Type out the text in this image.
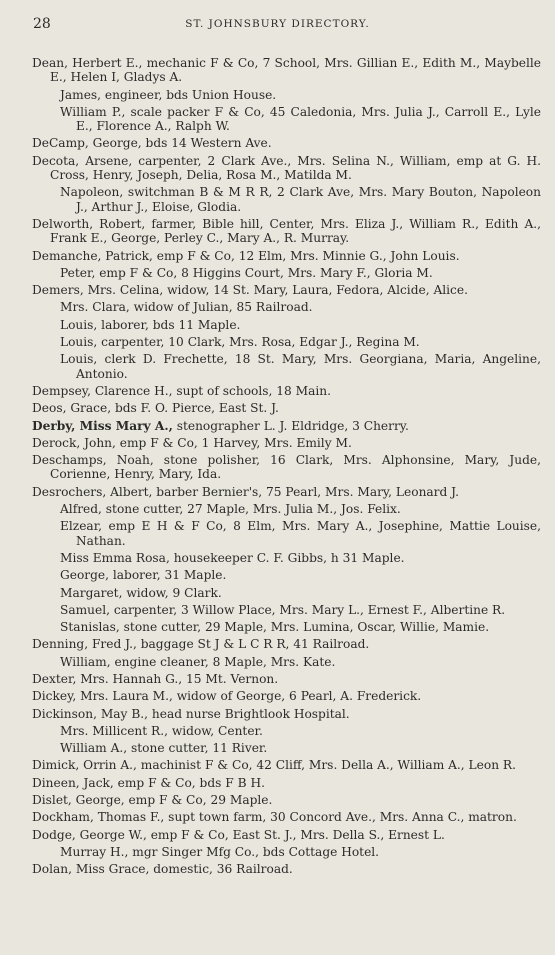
28	ST. JOHNSBURY DIRECTORY.
Dean, Herbert E., mechanic F & Co, 7 School, Mrs. Gillian E., Edith M., Maybelle E., Helen I, Gladys A.
James, engineer, bds Union House.
William P., scale packer F & Co, 45 Caledonia, Mrs. Julia J., Carroll E., Lyle E., Florence A., Ralph W.
DeCamp, George, bds 14 Western Ave.
Decota, Arsene, carpenter, 2 Clark Ave., Mrs. Selina N., William, emp at G. H. Cross, Henry, Joseph, Delia, Rosa M., Matilda M.
Napoleon, switchman B & M R R, 2 Clark Ave, Mrs. Mary Bouton, Napoleon J., Arthur J., Eloise, Glodia.
Delworth, Robert, farmer, Bible hill, Center, Mrs. Eliza J., William R., Edith A., Frank E., George, Perley C., Mary A., R. Murray.
Demanche, Patrick, emp F & Co, 12 Elm, Mrs. Minnie G., John Louis.
Peter, emp F & Co, 8 Higgins Court, Mrs. Mary F., Gloria M.
Demers, Mrs. Celina, widow, 14 St. Mary, Laura, Fedora, Alcide, Alice.
Mrs. Clara, widow of Julian, 85 Railroad.
Louis, laborer, bds 11 Maple.
Louis, carpenter, 10 Clark, Mrs. Rosa, Edgar J., Regina M.
Louis, clerk D. Frechette, 18 St. Mary, Mrs. Georgiana, Maria, Angeline, Antonio.
Dempsey, Clarence H., supt of schools, 18 Main.
Deos, Grace, bds F. O. Pierce, East St. J.
Derby, Miss Mary A., stenographer L. J. Eldridge, 3 Cherry.
Derock, John, emp F & Co, 1 Harvey, Mrs. Emily M.
Deschamps, Noah, stone polisher, 16 Clark, Mrs. Alphonsine, Mary, Jude, Corienne, Henry, Mary, Ida.
Desrochers, Albert, barber Bernier's, 75 Pearl, Mrs. Mary, Leonard J.
Alfred, stone cutter, 27 Maple, Mrs. Julia M., Jos. Felix.
Elzear, emp E H & F Co, 8 Elm, Mrs. Mary A., Josephine, Mattie Louise, Nathan.
Miss Emma Rosa, housekeeper C. F. Gibbs, h 31 Maple.
George, laborer, 31 Maple.
Margaret, widow, 9 Clark.
Samuel, carpenter, 3 Willow Place, Mrs. Mary L., Ernest F., Albertine R.
Stanislas, stone cutter, 29 Maple, Mrs. Lumina, Oscar, Willie, Mamie.
Denning, Fred J., baggage St J & L C R R, 41 Railroad.
William, engine cleaner, 8 Maple, Mrs. Kate.
Dexter, Mrs. Hannah G., 15 Mt. Vernon.
Dickey, Mrs. Laura M., widow of George, 6 Pearl, A. Frederick.
Dickinson, May B., head nurse Brightlook Hospital.
Mrs. Millicent R., widow, Center.
William A., stone cutter, 11 River.
Dimick, Orrin A., machinist F & Co, 42 Cliff, Mrs. Della A., William A., Leon R.
Dineen, Jack, emp F & Co, bds F B H.
Dislet, George, emp F & Co, 29 Maple.
Dockham, Thomas F., supt town farm, 30 Concord Ave., Mrs. Anna C., matron.
Dodge, George W., emp F & Co, East St. J., Mrs. Della S., Ernest L.
Murray H., mgr Singer Mfg Co., bds Cottage Hotel.
Dolan, Miss Grace, domestic, 36 Railroad.
